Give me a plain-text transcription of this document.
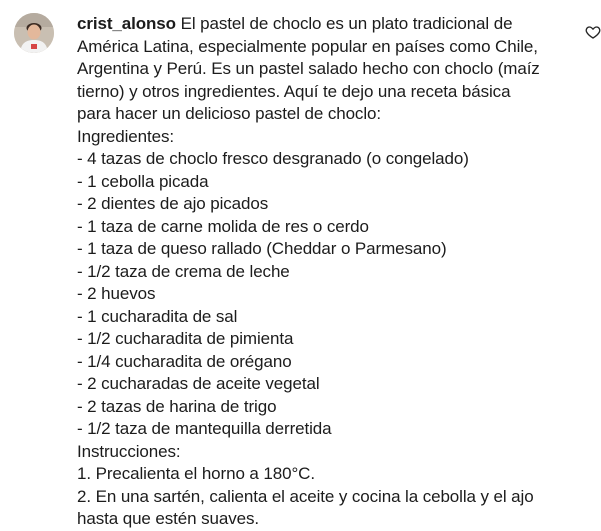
crist_alonso El pastel de choclo es un plato tradicional de
América Latina, especialmente popular en países como Chile,
Argentina y Perú. Es un pastel salado hecho con choclo (maíz
tierno) y otros ingredientes. Aquí te dejo una receta básica
para hacer un delicioso pastel de choclo:
Ingredientes:
- 4 tazas de choclo fresco desgranado (o congelado)
- 1 cebolla picada
- 2 dientes de ajo picados
- 1 taza de carne molida de res o cerdo
- 1 taza de queso rallado (Cheddar o Parmesano)
- 1/2 taza de crema de leche
- 2 huevos
- 1 cucharadita de sal
- 1/2 cucharadita de pimienta
- 1/4 cucharadita de orégano
- 2 cucharadas de aceite vegetal
- 2 tazas de harina de trigo
- 1/2 taza de mantequilla derretida
Instrucciones:
1. Precalienta el horno a 180°C.
2. En una sartén, calienta el aceite y cocina la cebolla y el ajo
hasta que estén suaves.
